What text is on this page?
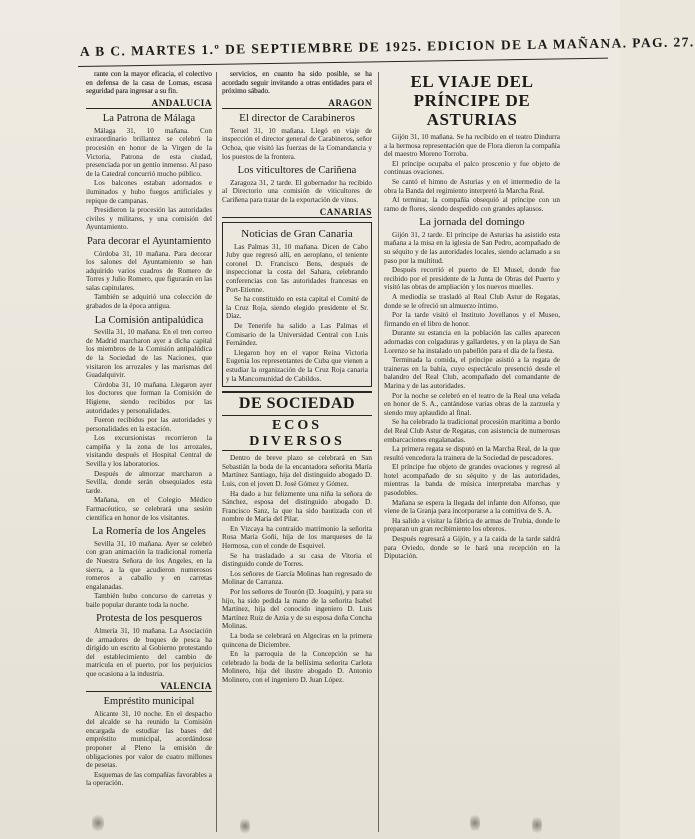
A B C. MARTES 1.º DE SEPTIEMBRE DE 1925. EDICION DE LA MAÑANA. PAG. 27.
rante con la mayor eficacia, el colectivo en defensa de la casa de Lomas, escasa seguridad para ingresar a su fin.
ANDALUCIA
La Patrona de Málaga
Málaga 31, 10 mañana. Con extraordinario brillantez se celebró la procesión en honor de la Virgen de la Victoria, Patrona de esta ciudad, presenciada por un gentío inmenso. Al paso de la Catedral concurrió mucho público.
Los balcones estaban adornados e iluminados y hubo fuegos artificiales y repique de campanas.
Presidieron la procesión las autoridades civiles y militares, y una comisión del Ayuntamiento.
Para decorar el Ayuntamiento
Córdoba 31, 10 mañana. Para decorar los salones del Ayuntamiento se han adquirido varios cuadros de Romero de Torres y Julio Romero, que figurarán en las salas capitulares.
También se adquirió una colección de grabados de la época antigua.
La Comisión antipalúdica
Sevilla 31, 10 mañana. En el tren correo de Madrid marcharon ayer a dicha capital los miembros de la Comisión antipalúdica de la Sociedad de las Naciones, que visitaron los arrozales y las marismas del Guadalquivir.
Córdoba 31, 10 mañana. Llegaron ayer los doctores que forman la Comisión de Higiene, siendo recibidos por las autoridades y personalidades.
Fueron recibidos por las autoridades y personalidades en la estación.
Los excursionistas recorrieron la campiña y la zona de los arrozales, visitando después el Hospital Central de Sevilla y los laboratorios.
Después de almorzar marcharon a Sevilla, donde serán obsequiados esta tarde.
Mañana, en el Colegio Médico Farmacéutico, se celebrará una sesión científica en honor de los visitantes.
La Romería de los Angeles
Sevilla 31, 10 mañana. Ayer se celebró con gran animación la tradicional romería de Nuestra Señora de los Angeles, en la sierra, a la que acudieron numerosos romeros a caballo y en carretas engalanadas.
También hubo concurso de carretas y baile popular durante toda la noche.
Protesta de los pesqueros
Almería 31, 10 mañana. La Asociación de armadores de buques de pesca ha dirigido un escrito al Gobierno protestando del establecimiento del cambio de matrícula en el puerto, por los perjuicios que ocasiona a la industria.
VALENCIA
Empréstito municipal
Alicante 31, 10 noche. En el despacho del alcalde se ha reunido la Comisión encargada de estudiar las bases del empréstito municipal, acordándose proponer al Pleno la emisión de obligaciones por valor de cuatro millones de pesetas.
Esquemas de las compañías favorables a la operación.
servicios, en cuanto ha sido posible, se ha acordado seguir invitando a otras entidades para el próximo sábado.
ARAGON
El director de Carabineros
Teruel 31, 10 mañana. Llegó en viaje de inspección el director general de Carabineros, señor Ochoa, que visitó las fuerzas de la Comandancia y los puestos de la frontera.
Los viticultores de Cariñena
Zaragoza 31, 2 tarde. El gobernador ha recibido al Directorio una comisión de viticultores de Cariñena para tratar de la exportación de vinos.
CANARIAS
Noticias de Gran Canaria
Las Palmas 31, 10 mañana. Dicen de Cabo Juby que regresó allí, en aeroplano, el teniente coronel D. Francisco Bens, después de inspeccionar la costa del Sahara, celebrando conferencias con las autoridades francesas en Port-Etienne.
Se ha constituido en esta capital el Comité de la Cruz Roja, siendo elegido presidente el Sr. Díaz.
De Tenerife ha salido a Las Palmas el Comisario de la Universidad Central con Luis Fernández.
Llegaron hoy en el vapor Reina Victoria Eugenia los representantes de Cuba que vienen a estudiar la organización de la Cruz Roja canaria y la Mancomunidad de Cabildos.
DE SOCIEDAD
ECOS DIVERSOS
Dentro de breve plazo se celebrará en San Sebastián la boda de la encantadora señorita María Martínez Santiago, hija del distinguido abogado D. Luis, con el joven D. José Gómez y Gómez.
Ha dado a luz felizmente una niña la señora de Sánchez, esposa del distinguido abogado D. Francisco Sanz, la que ha sido bautizada con el nombre de María del Pilar.
En Vizcaya ha contraído matrimonio la señorita Rosa María Goñi, hija de los marqueses de la Hermosa, con el conde de Esquivel.
Se ha trasladado a su casa de Vitoria el distinguido conde de Torres.
Los señores de García Molinas han regresado de Molinar de Carranza.
Por los señores de Tourón (D. Joaquín), y para su hijo, ha sido pedida la mano de la señorita Isabel Martínez, hija del conocido ingeniero D. Luis Martínez Ruiz de Azúa y de su esposa doña Concha Molinas.
La boda se celebrará en Algeciras en la primera quincena de Diciembre.
En la parroquia de la Concepción se ha celebrado la boda de la bellísima señorita Carlota Molinero, hija del ilustre abogado D. Antonio Molinero, con el ingeniero D. Juan López.
EL VIAJE DEL PRÍNCIPE DE ASTURIAS
Gijón 31, 10 mañana. Se ha recibido en el teatro Dindurra a la hermosa representación que de Flora dieron la compañía del maestro Moreno Torroba.
El príncipe ocupaba el palco proscenio y fue objeto de continuas ovaciones.
Se cantó el himno de Asturias y en el intermedio de la obra la Banda del regimiento interpretó la Marcha Real.
Al terminar, la compañía obsequió al príncipe con un ramo de flores, siendo despedido con grandes aplausos.
La jornada del domingo
Gijón 31, 2 tarde. El príncipe de Asturias ha asistido esta mañana a la misa en la iglesia de San Pedro, acompañado de su séquito y de las autoridades locales, siendo aclamado a su paso por la multitud.
Después recorrió el puerto de El Musel, donde fue recibido por el presidente de la Junta de Obras del Puerto y visitó las obras de ampliación y los nuevos muelles.
A mediodía se trasladó al Real Club Astur de Regatas, donde se le ofreció un almuerzo íntimo.
Por la tarde visitó el Instituto Jovellanos y el Museo, firmando en el libro de honor.
Durante su estancia en la población las calles aparecen adornadas con colgaduras y gallardetes, y en la playa de San Lorenzo se ha instalado un pabellón para el día de la fiesta.
Terminada la comida, el príncipe asistió a la regata de traineras en la bahía, cuyo espectáculo presenció desde el balandro del Real Club, acompañado del comandante de Marina y de las autoridades.
Por la noche se celebró en el teatro de la Real una velada en honor de S. A., cantándose varias obras de la zarzuela y siendo muy aplaudido al final.
Se ha celebrado la tradicional procesión marítima a bordo del Real Club Astur de Regatas, con asistencia de numerosas embarcaciones engalanadas.
La primera regata se disputó en la Marcha Real, de la que resultó vencedora la trainera de la Sociedad de pescadores.
El príncipe fue objeto de grandes ovaciones y regresó al hotel acompañado de su séquito y de las autoridades, mientras la banda de música interpretaba marchas y pasodobles.
Mañana se espera la llegada del infante don Alfonso, que viene de la Granja para incorporarse a la comitiva de S. A.
Ha salido a visitar la fábrica de armas de Trubia, donde le preparan un gran recibimiento los obreros.
Después regresará a Gijón, y a la caída de la tarde saldrá para Oviedo, donde se le hará una recepción en la Diputación.
